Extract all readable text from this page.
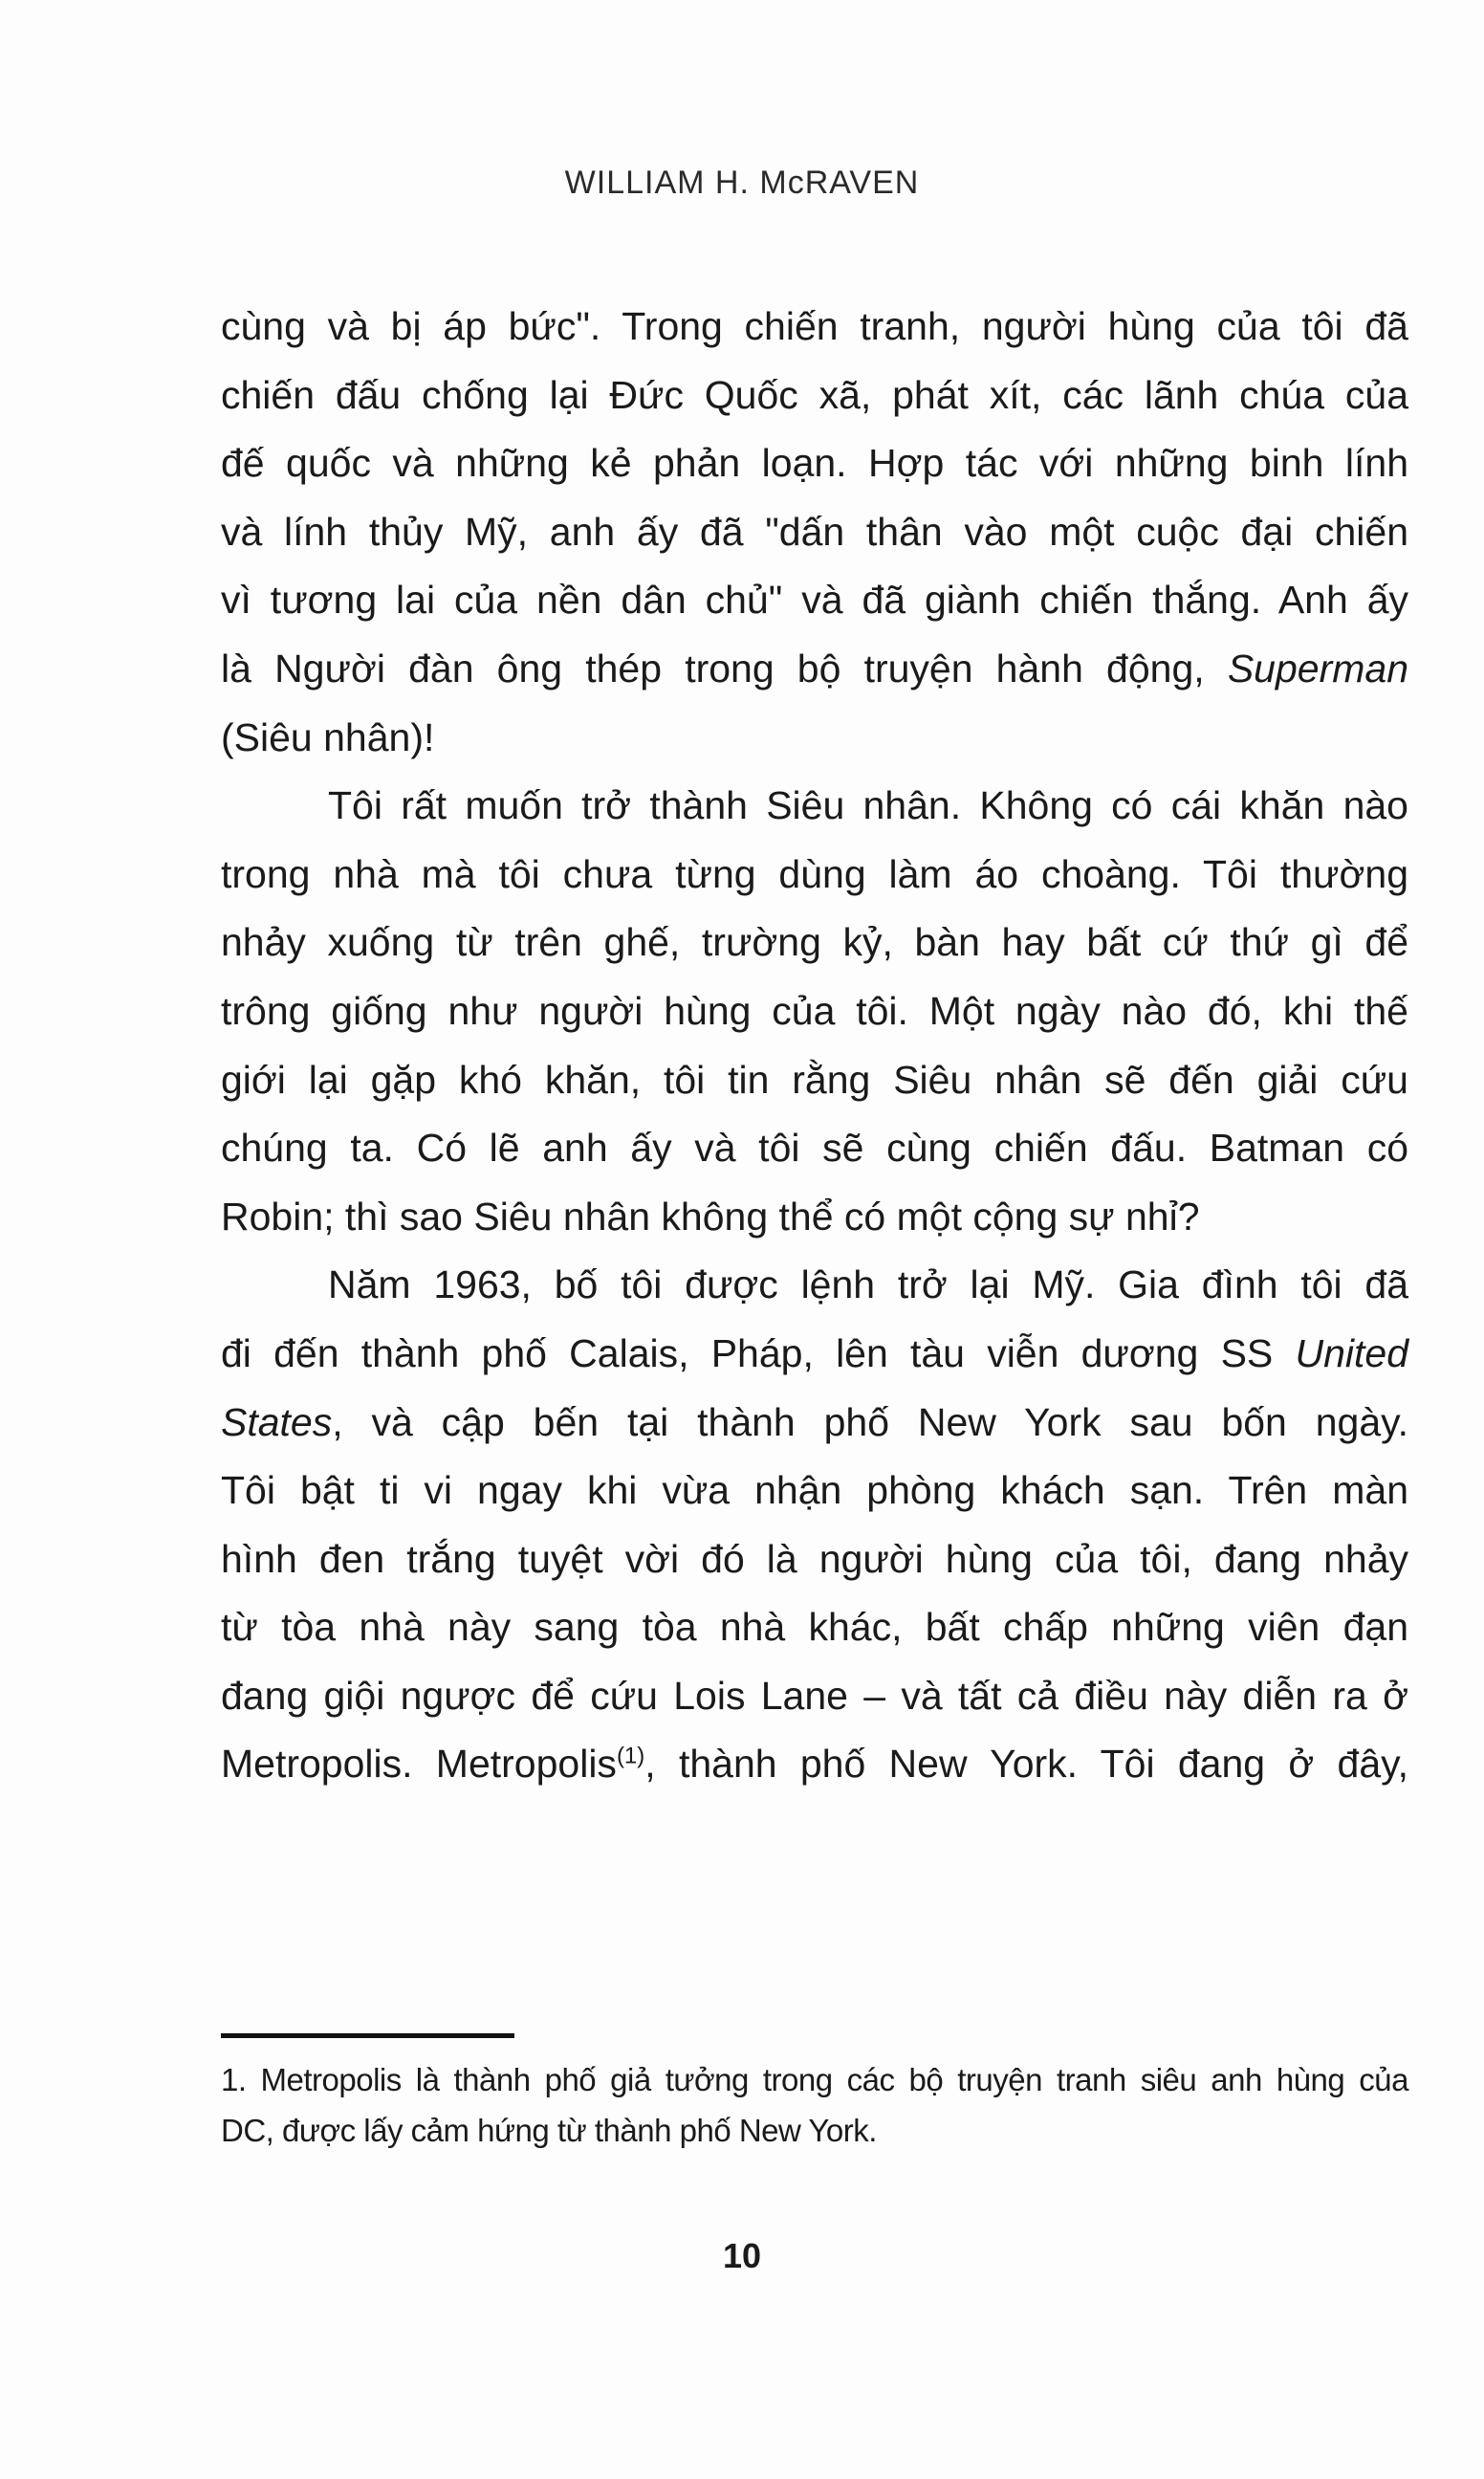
WILLIAM H. McRAVEN
cùng và bị áp bức". Trong chiến tranh, người hùng của tôi đã
chiến đấu chống lại Đức Quốc xã, phát xít, các lãnh chúa của
đế quốc và những kẻ phản loạn. Hợp tác với những binh lính
và lính thủy Mỹ, anh ấy đã "dấn thân vào một cuộc đại chiến
vì tương lai của nền dân chủ" và đã giành chiến thắng. Anh ấy
là Người đàn ông thép trong bộ truyện hành động, Superman
(Siêu nhân)!
Tôi rất muốn trở thành Siêu nhân. Không có cái khăn nào
trong nhà mà tôi chưa từng dùng làm áo choàng. Tôi thường
nhảy xuống từ trên ghế, trường kỷ, bàn hay bất cứ thứ gì để
trông giống như người hùng của tôi. Một ngày nào đó, khi thế
giới lại gặp khó khăn, tôi tin rằng Siêu nhân sẽ đến giải cứu
chúng ta. Có lẽ anh ấy và tôi sẽ cùng chiến đấu. Batman có
Robin; thì sao Siêu nhân không thể có một cộng sự nhỉ?
Năm 1963, bố tôi được lệnh trở lại Mỹ. Gia đình tôi đã
đi đến thành phố Calais, Pháp, lên tàu viễn dương SS United
States, và cập bến tại thành phố New York sau bốn ngày.
Tôi bật ti vi ngay khi vừa nhận phòng khách sạn. Trên màn
hình đen trắng tuyệt vời đó là người hùng của tôi, đang nhảy
từ tòa nhà này sang tòa nhà khác, bất chấp những viên đạn
đang giội ngược để cứu Lois Lane – và tất cả điều này diễn ra ở
Metropolis. Metropolis$^{(1)}$, thành phố New York. Tôi đang ở đây,
1. Metropolis là thành phố giả tưởng trong các bộ truyện tranh siêu anh hùng của
DC, được lấy cảm hứng từ thành phố New York.
10
